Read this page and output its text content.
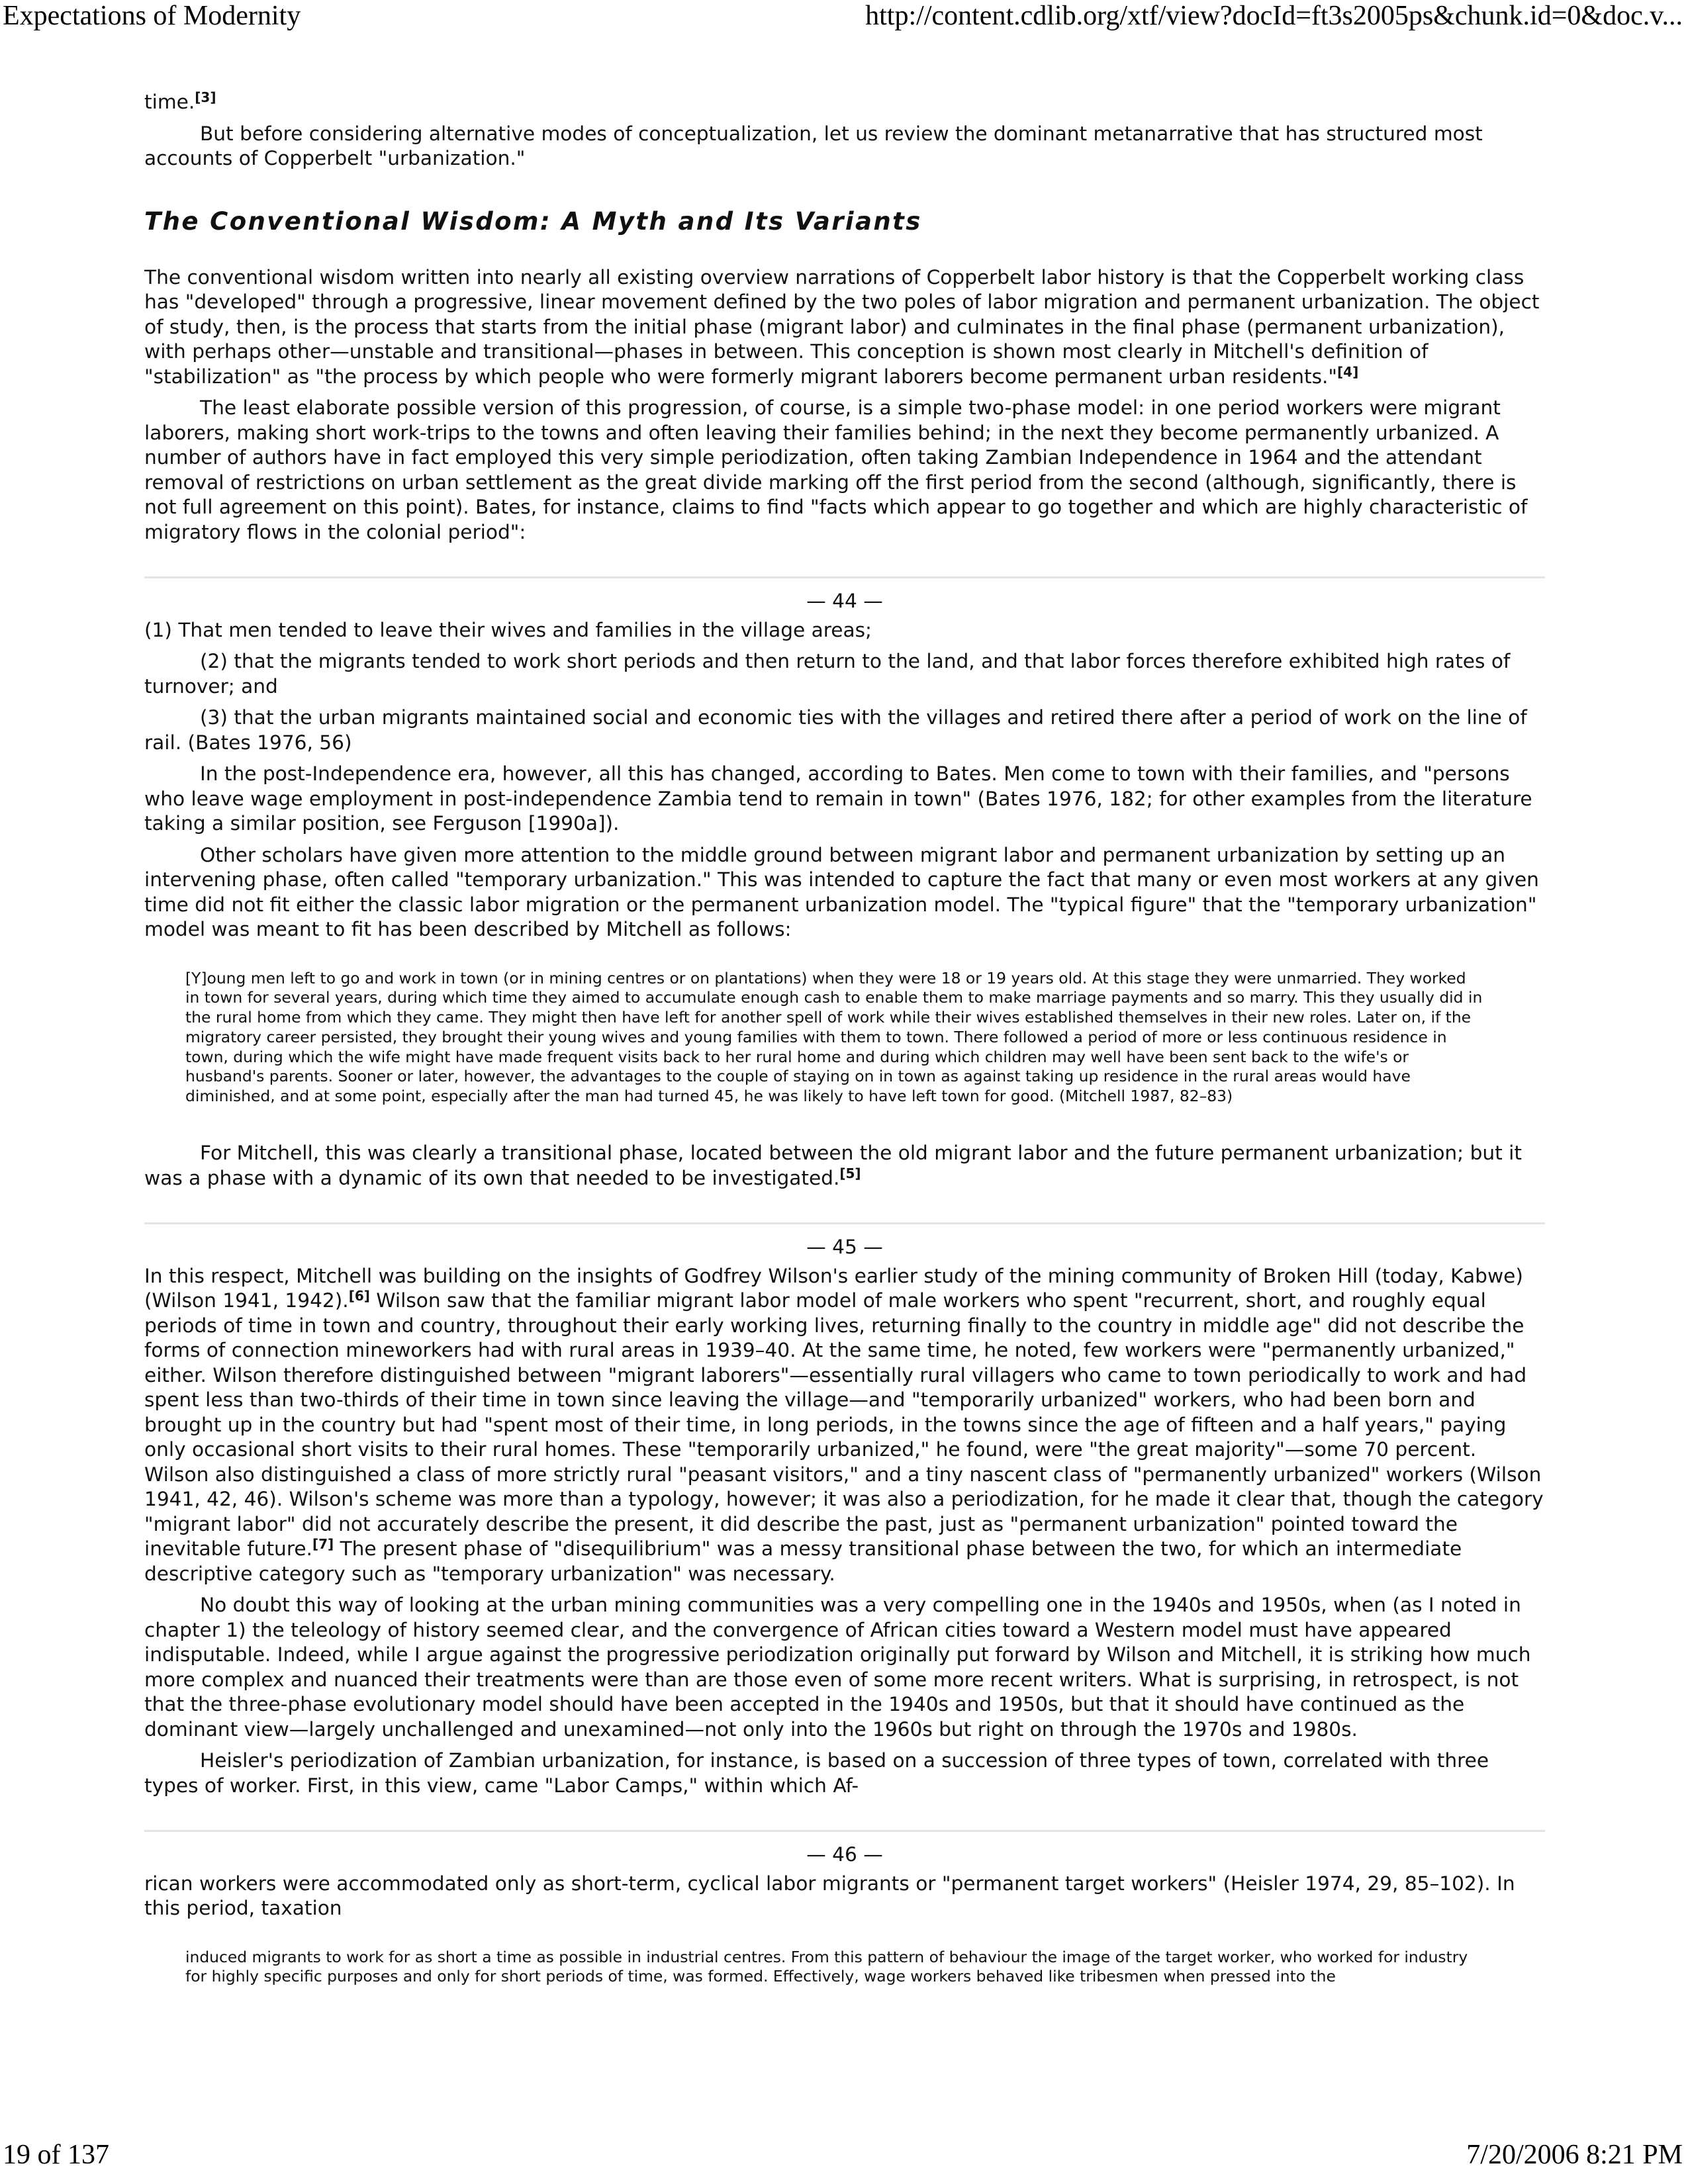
Expectations of Modernity	http://content.cdlib.org/xtf/view?docId=ft3s2005ps&chunk.id=0&doc.v...

time.[3]

But before considering alternative modes of conceptualization, let us review the dominant metanarrative that has structured most accounts of Copperbelt "urbanization."

The Conventional Wisdom: A Myth and Its Variants

The conventional wisdom written into nearly all existing overview narrations of Copperbelt labor history is that the Copperbelt working class has "developed" through a progressive, linear movement defined by the two poles of labor migration and permanent urbanization. The object of study, then, is the process that starts from the initial phase (migrant labor) and culminates in the final phase (permanent urbanization), with perhaps other—unstable and transitional—phases in between. This conception is shown most clearly in Mitchell's definition of "stabilization" as "the process by which people who were formerly migrant laborers become permanent urban residents."[4]

The least elaborate possible version of this progression, of course, is a simple two-phase model: in one period workers were migrant laborers, making short work-trips to the towns and often leaving their families behind; in the next they become permanently urbanized. A number of authors have in fact employed this very simple periodization, often taking Zambian Independence in 1964 and the attendant removal of restrictions on urban settlement as the great divide marking off the first period from the second (although, significantly, there is not full agreement on this point). Bates, for instance, claims to find "facts which appear to go together and which are highly characteristic of migratory flows in the colonial period":

— 44 —

(1) That men tended to leave their wives and families in the village areas;

(2) that the migrants tended to work short periods and then return to the land, and that labor forces therefore exhibited high rates of turnover; and

(3) that the urban migrants maintained social and economic ties with the villages and retired there after a period of work on the line of rail. (Bates 1976, 56)

In the post-Independence era, however, all this has changed, according to Bates. Men come to town with their families, and "persons who leave wage employment in post-independence Zambia tend to remain in town" (Bates 1976, 182; for other examples from the literature taking a similar position, see Ferguson [1990a]).

Other scholars have given more attention to the middle ground between migrant labor and permanent urbanization by setting up an intervening phase, often called "temporary urbanization." This was intended to capture the fact that many or even most workers at any given time did not fit either the classic labor migration or the permanent urbanization model. The "typical figure" that the "temporary urbanization" model was meant to fit has been described by Mitchell as follows:

[Y]oung men left to go and work in town (or in mining centres or on plantations) when they were 18 or 19 years old. At this stage they were unmarried. They worked in town for several years, during which time they aimed to accumulate enough cash to enable them to make marriage payments and so marry. This they usually did in the rural home from which they came. They might then have left for another spell of work while their wives established themselves in their new roles. Later on, if the migratory career persisted, they brought their young wives and young families with them to town. There followed a period of more or less continuous residence in town, during which the wife might have made frequent visits back to her rural home and during which children may well have been sent back to the wife's or husband's parents. Sooner or later, however, the advantages to the couple of staying on in town as against taking up residence in the rural areas would have diminished, and at some point, especially after the man had turned 45, he was likely to have left town for good. (Mitchell 1987, 82–83)

For Mitchell, this was clearly a transitional phase, located between the old migrant labor and the future permanent urbanization; but it was a phase with a dynamic of its own that needed to be investigated.[5]

— 45 —

In this respect, Mitchell was building on the insights of Godfrey Wilson's earlier study of the mining community of Broken Hill (today, Kabwe) (Wilson 1941, 1942).[6] Wilson saw that the familiar migrant labor model of male workers who spent "recurrent, short, and roughly equal periods of time in town and country, throughout their early working lives, returning finally to the country in middle age" did not describe the forms of connection mineworkers had with rural areas in 1939–40. At the same time, he noted, few workers were "permanently urbanized," either. Wilson therefore distinguished between "migrant laborers"—essentially rural villagers who came to town periodically to work and had spent less than two-thirds of their time in town since leaving the village—and "temporarily urbanized" workers, who had been born and brought up in the country but had "spent most of their time, in long periods, in the towns since the age of fifteen and a half years," paying only occasional short visits to their rural homes. These "temporarily urbanized," he found, were "the great majority"—some 70 percent. Wilson also distinguished a class of more strictly rural "peasant visitors," and a tiny nascent class of "permanently urbanized" workers (Wilson 1941, 42, 46). Wilson's scheme was more than a typology, however; it was also a periodization, for he made it clear that, though the category "migrant labor" did not accurately describe the present, it did describe the past, just as "permanent urbanization" pointed toward the inevitable future.[7] The present phase of "disequilibrium" was a messy transitional phase between the two, for which an intermediate descriptive category such as "temporary urbanization" was necessary.

No doubt this way of looking at the urban mining communities was a very compelling one in the 1940s and 1950s, when (as I noted in chapter 1) the teleology of history seemed clear, and the convergence of African cities toward a Western model must have appeared indisputable. Indeed, while I argue against the progressive periodization originally put forward by Wilson and Mitchell, it is striking how much more complex and nuanced their treatments were than are those even of some more recent writers. What is surprising, in retrospect, is not that the three-phase evolutionary model should have been accepted in the 1940s and 1950s, but that it should have continued as the dominant view—largely unchallenged and unexamined—not only into the 1960s but right on through the 1970s and 1980s.

Heisler's periodization of Zambian urbanization, for instance, is based on a succession of three types of town, correlated with three types of worker. First, in this view, came "Labor Camps," within which Af-

— 46 —

rican workers were accommodated only as short-term, cyclical labor migrants or "permanent target workers" (Heisler 1974, 29, 85–102). In this period, taxation

induced migrants to work for as short a time as possible in industrial centres. From this pattern of behaviour the image of the target worker, who worked for industry for highly specific purposes and only for short periods of time, was formed. Effectively, wage workers behaved like tribesmen when pressed into the

19 of 137	7/20/2006 8:21 PM
